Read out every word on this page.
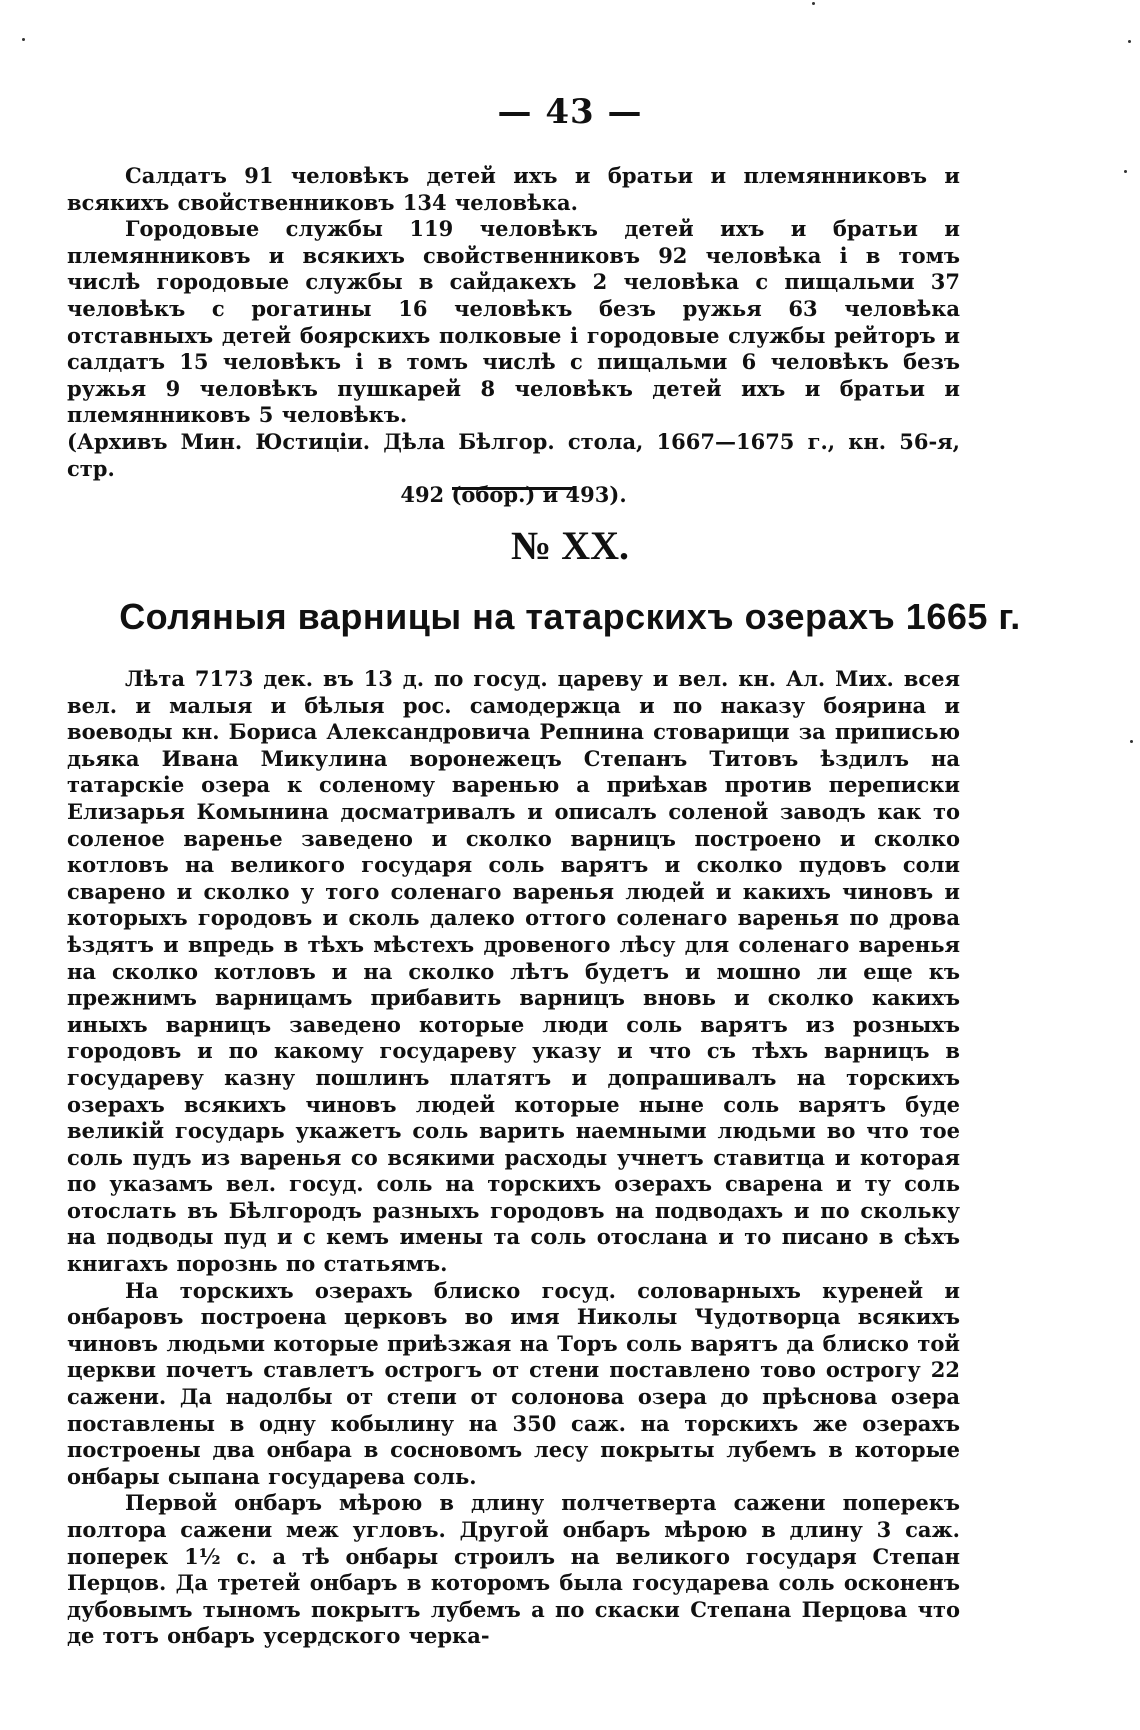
— 43 —

Салдатъ 91 человѣкъ детей ихъ и братьи и племянниковъ и всякихъ свойственниковъ 134 человѣка.

Городовые службы 119 человѣкъ детей ихъ и братьи и племянниковъ и всякихъ свойственниковъ 92 человѣка і в томъ числѣ городовые службы в сайдакехъ 2 человѣка с пищальми 37 человѣкъ с рогатины 16 человѣкъ безъ ружья 63 человѣка отставныхъ детей боярскихъ полковые і городовые службы рейторъ и салдатъ 15 человѣкъ і в томъ числѣ с пищальми 6 человѣкъ безъ ружья 9 человѣкъ пушкарей 8 человѣкъ детей ихъ и братьи и племянниковъ 5 человѣкъ.

(Архивъ Мин. Юстиціи. Дѣла Бѣлгор. стола, 1667—1675 г., кн. 56-я, стр.

492 (обор.) и 493).

№ XX.
Соляныя варницы на татарскихъ озерахъ 1665 г.

Лѣта 7173 дек. въ 13 д. по госуд. цареву и вел. кн. Ал. Мих. всея вел. и малыя и бѣлыя рос. самодержца и по наказу боярина и воеводы кн. Бориса Александровича Репнина стоварищи за приписью дьяка Ивана Микулина воронежецъ Степанъ Титовъ ѣздилъ на татарскіе озера к соленому варенью а приѣхав против переписки Елизарья Комынина досматривалъ и описалъ соленой заводъ как то соленое варенье заведено и сколко варницъ построено и сколко котловъ на великого государя соль варятъ и сколко пудовъ соли сварено и сколко у того соленаго варенья людей и какихъ чиновъ и которыхъ городовъ и сколь далеко оттого соленаго варенья по дрова ѣздятъ и впредь в тѣхъ мѣстехъ дровеного лѣсу для соленаго варенья на сколко котловъ и на сколко лѣтъ будетъ и мошно ли еще къ прежнимъ варницамъ прибавить варницъ вновь и сколко какихъ иныхъ варницъ заведено которые люди соль варятъ из розныхъ городовъ и по какому государеву указу и что съ тѣхъ варницъ в государеву казну пошлинъ платятъ и допрашивалъ на торскихъ озерахъ всякихъ чиновъ людей которые ныне соль варятъ буде великій государь укажетъ соль варить наемными людьми во что тое соль пудъ из варенья со всякими расходы учнетъ ставитца и которая по указамъ вел. госуд. соль на торскихъ озерахъ сварена и ту соль отослать въ Бѣлгородъ разныхъ городовъ на подводахъ и по скольку на подводы пуд и с кемъ имены та соль отослана и то писано в сѣхъ книгахъ порознь по статьямъ.

На торскихъ озерахъ блиско госуд. соловарныхъ куреней и онбаровъ построена церковъ во имя Николы Чудотворца всякихъ чиновъ людьми которые приѣзжая на Торъ соль варятъ да блиско той церкви почетъ ставлетъ острогъ от стени поставлено тово острогу 22 сажени. Да надолбы от степи от солонова озера до прѣснова озера поставлены в одну кобылину на 350 саж. на торскихъ же озерахъ построены два онбара в сосновомъ лесу покрыты лубемъ в которые онбары сыпана государева соль.

Первой онбаръ мѣрою в длину полчетверта сажени поперекъ полтора сажени меж угловъ. Другой онбаръ мѣрою в длину 3 саж. поперек 1½ с. а тѣ онбары строилъ на великого государя Степан Перцов. Да третей онбаръ в которомъ была государева соль осконенъ дубовымъ тыномъ покрытъ лубемъ а по скаски Степана Перцова что де тотъ онбаръ усердского черка-
